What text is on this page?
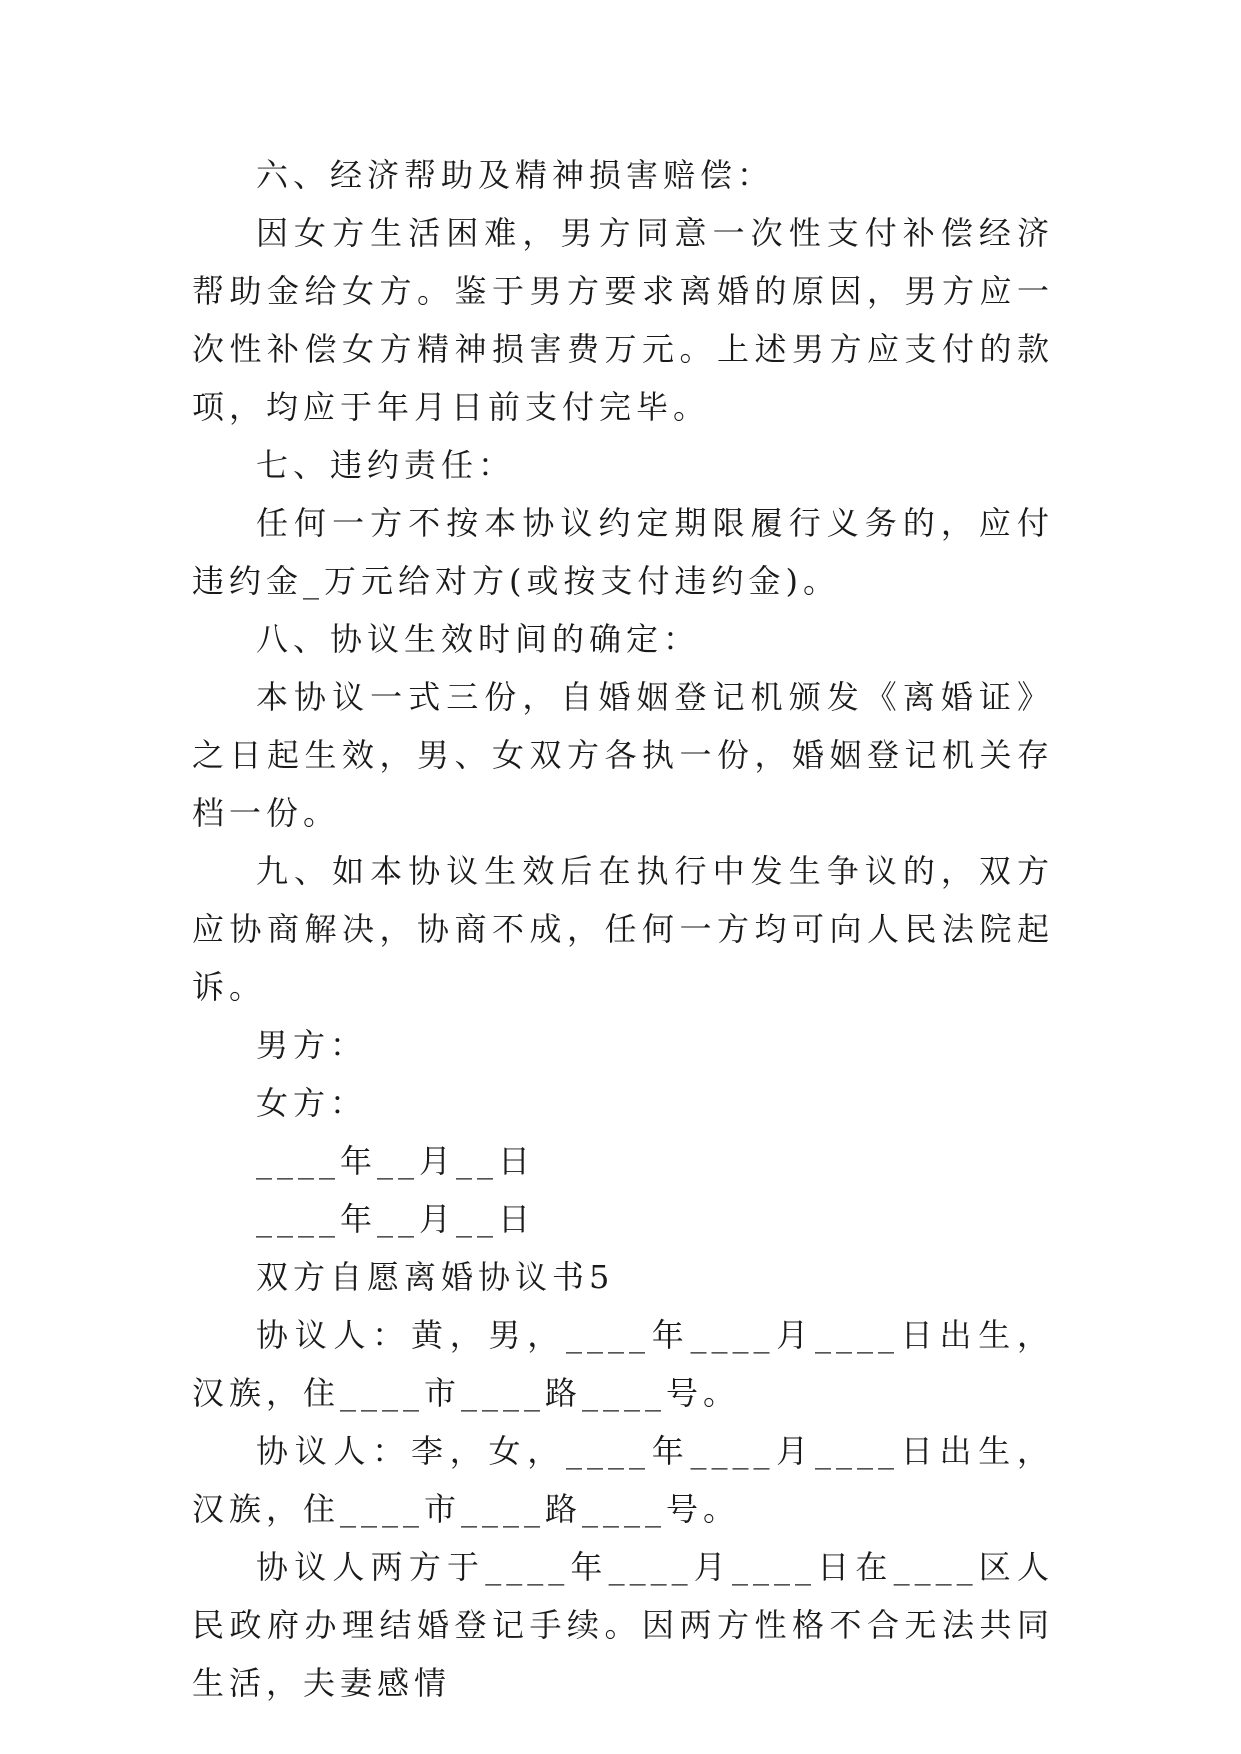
六、经济帮助及精神损害赔偿：

因女方生活困难，男方同意一次性支付补偿经济帮助金给女方。鉴于男方要求离婚的原因，男方应一次性补偿女方精神损害费万元。上述男方应支付的款项，均应于年月日前支付完毕。

七、违约责任：

任何一方不按本协议约定期限履行义务的，应付违约金_万元给对方(或按支付违约金)。

八、协议生效时间的确定：

本协议一式三份，自婚姻登记机颁发《离婚证》之日起生效，男、女双方各执一份，婚姻登记机关存档一份。

九、如本协议生效后在执行中发生争议的，双方应协商解决，协商不成，任何一方均可向人民法院起诉。

男方：

女方：

____年__月__日

____年__月__日

双方自愿离婚协议书5

协议人：黄，男，____年____月____日出生，汉族，住____市____路____号。

协议人：李，女，____年____月____日出生，汉族，住____市____路____号。

协议人两方于____年____月____日在____区人民政府办理结婚登记手续。因两方性格不合无法共同生活，夫妻感情
